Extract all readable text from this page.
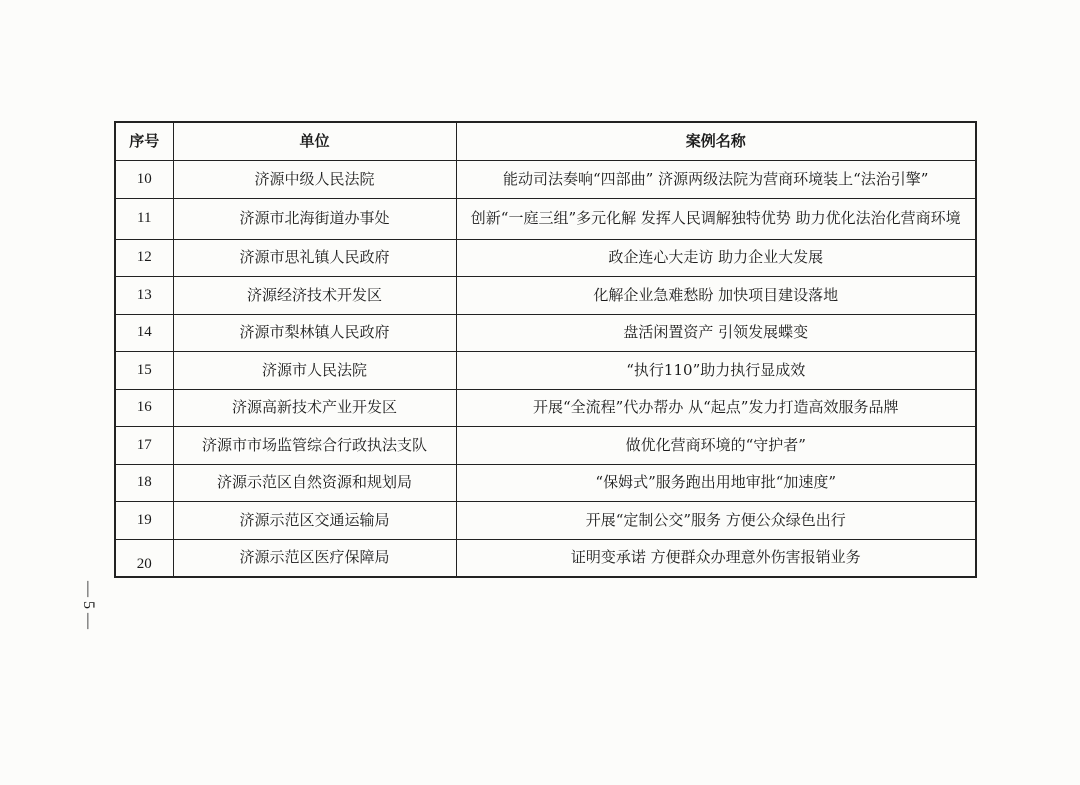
序号	单位	案例名称
10	济源中级人民法院	能动司法奏响“四部曲” 济源两级法院为营商环境装上“法治引擎”
11	济源市北海街道办事处	创新“一庭三组”多元化解 发挥人民调解独特优势 助力优化法治化营商环境
12	济源市思礼镇人民政府	政企连心大走访 助力企业大发展
13	济源经济技术开发区	化解企业急难愁盼 加快项目建设落地
14	济源市梨林镇人民政府	盘活闲置资产 引领发展蝶变
15	济源市人民法院	“执行110”助力执行显成效
16	济源高新技术产业开发区	开展“全流程”代办帮办 从“起点”发力打造高效服务品牌
17	济源市市场监管综合行政执法支队	做优化营商环境的“守护者”
18	济源示范区自然资源和规划局	“保姆式”服务跑出用地审批“加速度”
19	济源示范区交通运输局	开展“定制公交”服务 方便公众绿色出行
20	济源示范区医疗保障局	证明变承诺 方便群众办理意外伤害报销业务
— 5 —
